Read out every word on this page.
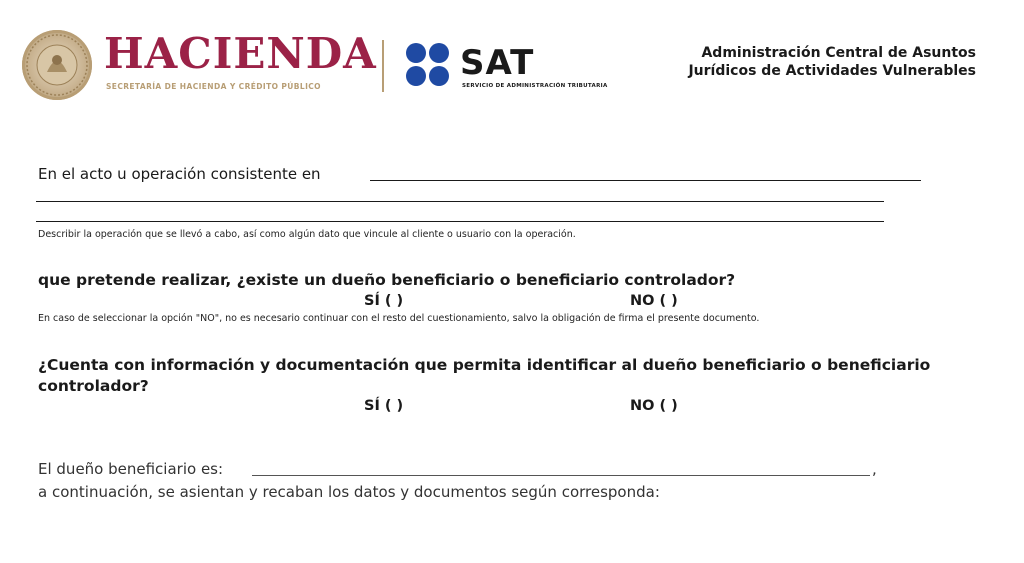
HACIENDA
SECRETARÍA DE HACIENDA Y CRÉDITO PÚBLICO
SAT
SERVICIO DE ADMINISTRACIÓN TRIBUTARIA
Administración Central de Asuntos
Jurídicos de Actividades Vulnerables
En el acto u operación consistente en
Describir la operación que se llevó a cabo, así como algún dato que vincule al cliente o usuario con la operación.
que pretende realizar, ¿existe un dueño beneficiario o beneficiario controlador?
SÍ ( )	NO ( )
En caso de seleccionar la opción "NO", no es necesario continuar con el resto del cuestionamiento, salvo la obligación de firma el presente documento.
¿Cuenta con información y documentación que permita identificar al dueño beneficiario o beneficiario controlador?
SÍ ( )	NO ( )
El dueño beneficiario es:	,
a continuación, se asientan y recaban los datos y documentos según corresponda:
